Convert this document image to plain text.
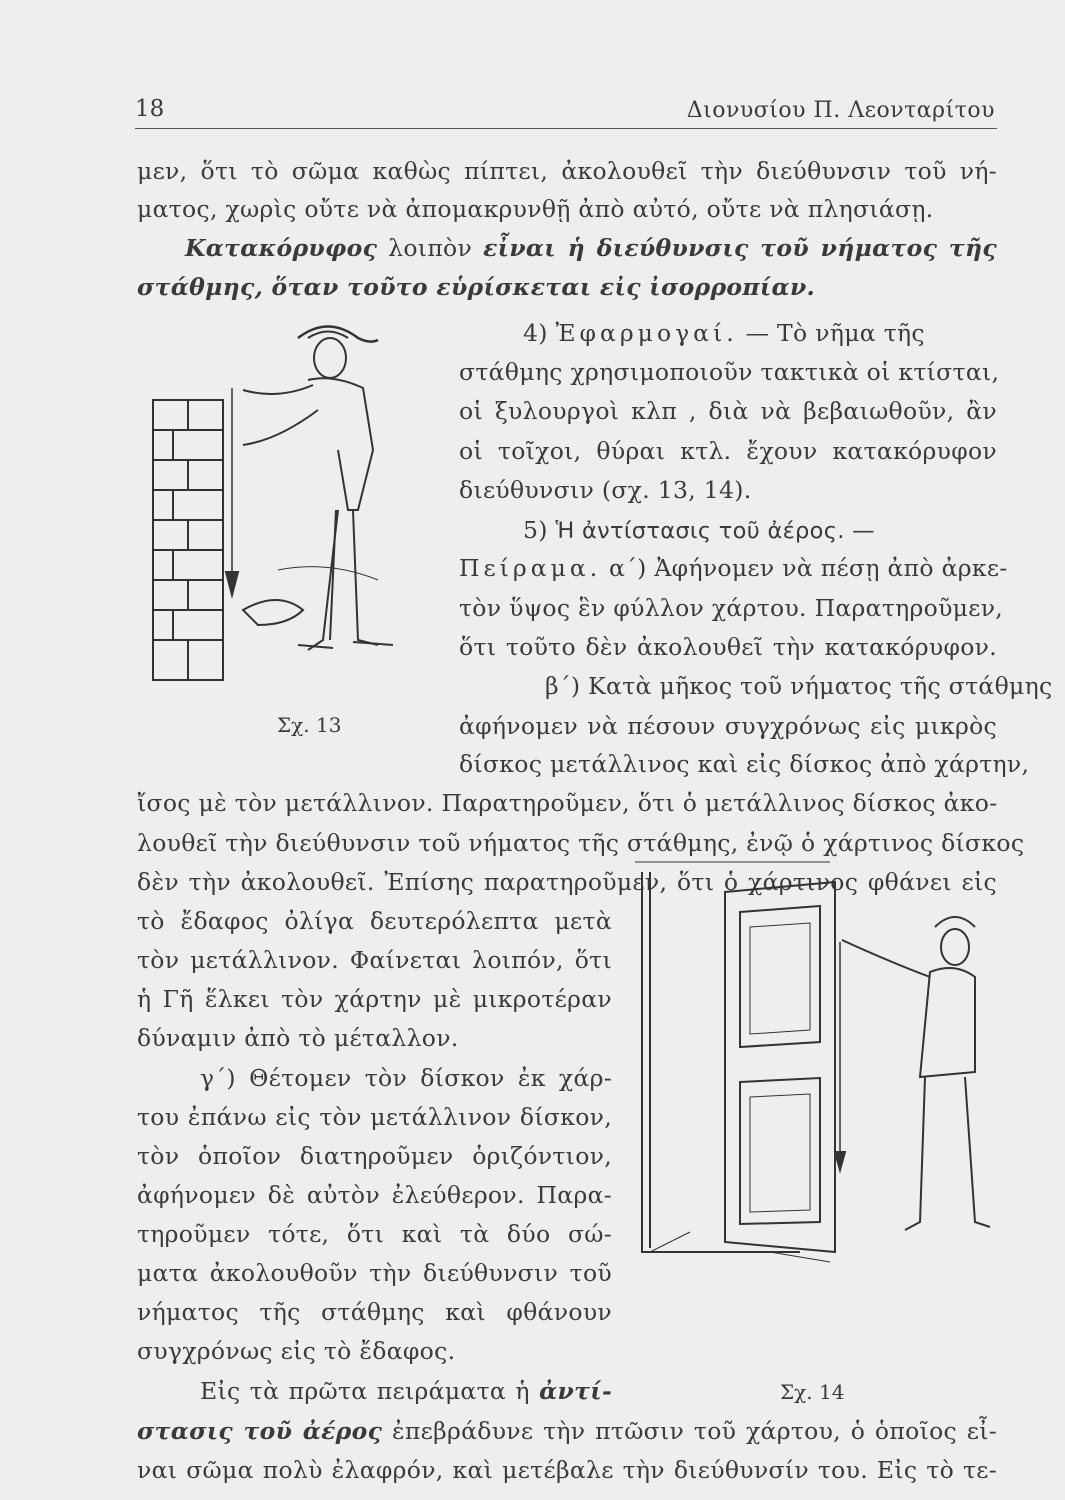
18	Διονυσίου Π. Λεονταρίτου
μεν, ὅτι τὸ σῶμα καθὼς πίπτει, ἀκολουθεῖ τὴν διεύθυνσιν τοῦ νή-
ματος, χωρὶς οὔτε νὰ ἀπομακρυνθῇ ἀπὸ αὐτό, οὔτε νὰ πλησιάσῃ.
Κατακόρυφος λοιπὸν εἶναι ἡ διεύθυνσις τοῦ νήματος τῆς
στάθμης, ὅταν τοῦτο εὑρίσκεται εἰς ἰσορροπίαν.
4) Ἐφαρμογαί. — Τὸ νῆμα τῆς
στάθμης χρησιμοποιοῦν τακτικὰ οἱ κτίσται,
οἱ ξυλουργοὶ κλπ , διὰ νὰ βεβαιωθοῦν, ἂν
οἱ τοῖχοι, θύραι κτλ. ἔχουν κατακόρυφον
διεύθυνσιν (σχ. 13, 14).
5) Ἡ ἀντίστασις τοῦ ἀέρος. —
Πείραμα. α΄) Ἀφήνομεν νὰ πέσῃ ἀπὸ ἀρκε-
τὸν ὕψος ἓν φύλλον χάρτου. Παρατηροῦμεν,
ὅτι τοῦτο δὲν ἀκολουθεῖ τὴν κατακόρυφον.
β΄) Κατὰ μῆκος τοῦ νήματος τῆς στάθμης
ἀφήνομεν νὰ πέσουν συγχρόνως εἰς μικρὸς
δίσκος μετάλλινος καὶ εἰς δίσκος ἀπὸ χάρτην,
ἴσος μὲ τὸν μετάλλινον. Παρατηροῦμεν, ὅτι ὁ μετάλλινος δίσκος ἀκο-
λουθεῖ τὴν διεύθυνσιν τοῦ νήματος τῆς στάθμης, ἐνῷ ὁ χάρτινος δίσκος
δὲν τὴν ἀκολουθεῖ. Ἐπίσης παρατηροῦμεν, ὅτι ὁ χάρτινος φθάνει εἰς
τὸ ἔδαφος ὀλίγα δευτερόλεπτα μετὰ
τὸν μετάλλινον. Φαίνεται λοιπόν, ὅτι
ἡ Γῆ ἕλκει τὸν χάρτην μὲ μικροτέραν
δύναμιν ἀπὸ τὸ μέταλλον.
γ΄) Θέτομεν τὸν δίσκον ἐκ χάρ-
του ἐπάνω εἰς τὸν μετάλλινον δίσκον,
τὸν ὁποῖον διατηροῦμεν ὁριζόντιον,
ἀφήνομεν δὲ αὐτὸν ἐλεύθερον. Παρα-
τηροῦμεν τότε, ὅτι καὶ τὰ δύο σώ-
ματα ἀκολουθοῦν τὴν διεύθυνσιν τοῦ
νήματος τῆς στάθμης καὶ φθάνουν
συγχρόνως εἰς τὸ ἔδαφος.
Εἰς τὰ πρῶτα πειράματα ἡ ἀντί-
στασις τοῦ ἀέρος ἐπεβράδυνε τὴν πτῶσιν τοῦ χάρτου, ὁ ὁποῖος εἶ-
ναι σῶμα πολὺ ἐλαφρόν, καὶ μετέβαλε τὴν διεύθυνσίν του. Εἰς τὸ τε-
Σχ. 13
Σχ. 14
